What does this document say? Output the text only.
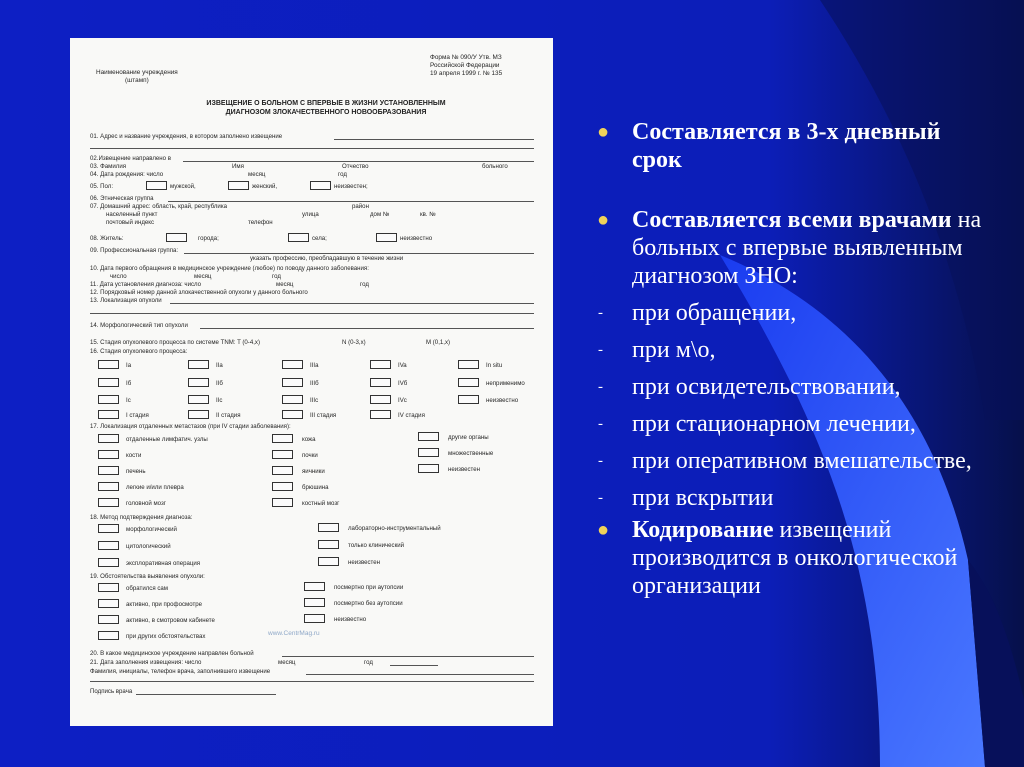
Форма № 090/У Утв. МЗ
Российской Федерации
19 апреля 1999 г. № 135
Наименование учреждения
(штамп)
ИЗВЕЩЕНИЕ О БОЛЬНОМ С ВПЕРВЫЕ В ЖИЗНИ УСТАНОВЛЕННЫМ
ДИАГНОЗОМ ЗЛОКАЧЕСТВЕННОГО НОВООБРАЗОВАНИЯ
01. Адрес и название учреждения, в котором заполнено извещение
02.Извещение направлено в
03. Фамилия	Имя	Отчество	больного
04. Дата рождения: число	месяц	год
05. Пол:	мужской,	женский,	неизвестен;
06. Этническая группа
07. Домашний адрес: область, край, республика	район
населенный пункт	улица	дом №	кв. №
почтовый индекс	телефон
08. Житель:	города;	села;	неизвестно
09. Профессиональная группа:
указать профессию, преобладавшую в течение жизни
10. Дата первого обращения в медицинское учреждение (любое) по поводу данного заболевания:
число	месяц	год
11. Дата установления диагноза: число	месяц	год
12. Порядковый номер данной злокачественной опухоли у данного больного
13. Локализация опухоли
14. Морфологический тип опухоли
15. Стадия опухолевого процесса по системе TNM: T (0-4,x)	N (0-3,x)	M (0,1,x)
16. Стадия опухолевого процесса:
Ia	IIa	IIIa	IVa	In situ
Iб	IIб	IIIб	IVб	неприменимо
Ic	IIc	IIIc	IVc	неизвестно
I стадия	II стадия	III стадия	IV стадия
17. Локализация отдаленных метастазов (при IV стадии заболевания):
отдаленные лимфатич. узлы
кости
печень
легкие и/или плевра
головной мозг
кожа
почки
яичники
брюшина
костный мозг
другие органы
множественные
неизвестен
18. Метод подтверждения диагноза:
морфологический
цитологический
эксплоративная операция
лабораторно-инструментальный
только клинический
неизвестен
19. Обстоятельства выявления опухоли:
обратился сам
активно, при профосмотре
активно, в смотровом кабинете
при других обстоятельствах
посмертно при аутопсии
посмертно без аутопсии
неизвестно
www.CentrMag.ru
20. В какое медицинское учреждение направлен больной
21. Дата заполнения извещения: число	месяц	год
Фамилия, инициалы, телефон врача, заполнившего извещение
Подпись врача
● Составляется в 3-х дневный срок
● Составляется всеми врачами на больных с впервые выявленным диагнозом ЗНО:
- при обращении,
- при м\о,
- при освидетельствовании,
- при стационарном лечении,
- при оперативном вмешательстве,
- при вскрытии
● Кодирование извещений производится в онкологической организации
